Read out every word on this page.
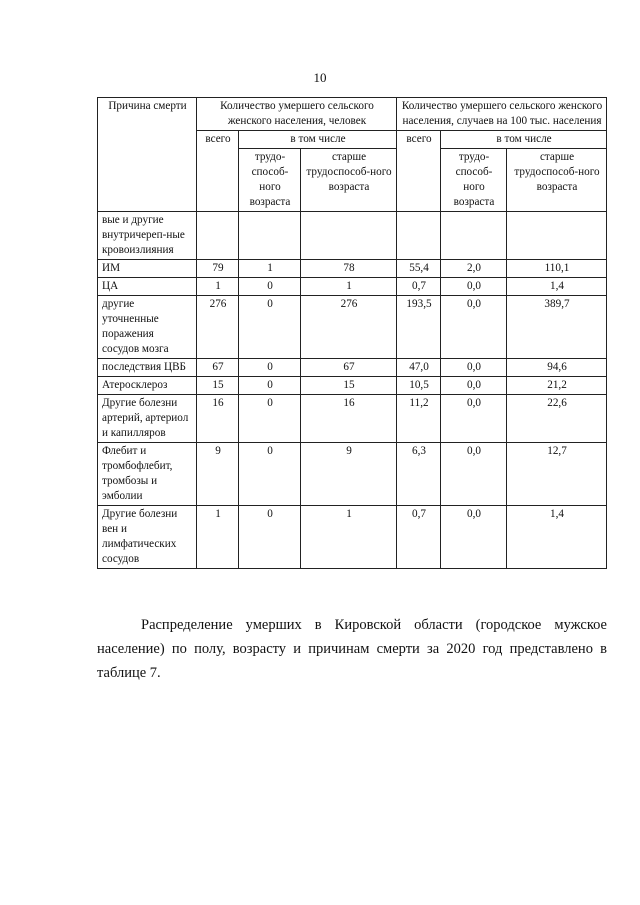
10
Причина смерти	Количество умершего сельского женского населения, человек			Количество умершего сельского женского населения, случаев на 100 тыс. населения		
	всего	в том числе		всего	в том числе	
		трудо-способ-ного возраста	старше трудоспособ-ного возраста		трудо-способ-ного возраста	старше трудоспособ-ного возраста
вые и другие внутричереп-ные кровоизлияния						
ИМ	79	1	78	55,4	2,0	110,1
ЦА	1	0	1	0,7	0,0	1,4
другие уточненные поражения сосудов мозга	276	0	276	193,5	0,0	389,7
последствия ЦВБ	67	0	67	47,0	0,0	94,6
Атеросклероз	15	0	15	10,5	0,0	21,2
Другие болезни артерий, артериол и капилляров	16	0	16	11,2	0,0	22,6
Флебит и тромбофлебит, тромбозы и эмболии	9	0	9	6,3	0,0	12,7
Другие болезни вен и лимфатических сосудов	1	0	1	0,7	0,0	1,4

Распределение умерших в Кировской области (городское мужское население) по полу, возрасту и причинам смерти за 2020 год представлено в таблице 7.
